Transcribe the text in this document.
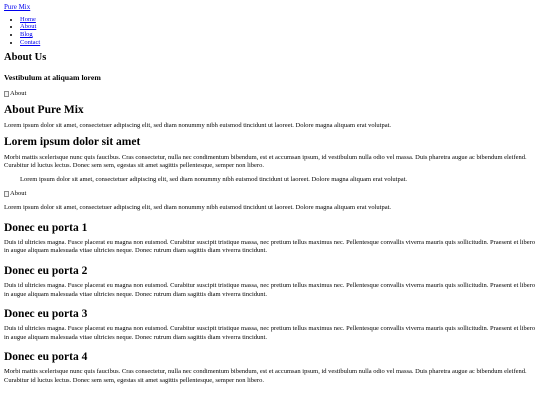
Pure Mix
• Home
• About
• Blog
• Contact
About Us
Vestibulum at aliquam lorem
About
About Pure Mix

Lorem ipsum dolor sit amet, consectetuer adipiscing elit, sed diam nonummy nibh euismod tincidunt ut laoreet. Dolore magna aliquam erat volutpat.

Lorem ipsum dolor sit amet

Morbi mattis scelerisque nunc quis faucibus. Cras consectetur, nulla nec condimentum bibendum, est et accumsan ipsum, id vestibulum nulla odio vel massa. Duis pharetra augue ac bibendum eleifend. Curabitur id luctus lectus. Donec sem sem, egestas sit amet sagittis pellentesque, semper non libero.

Lorem ipsum dolor sit amet, consectetuer adipiscing elit, sed diam nonummy nibh euismod tincidunt ut laoreet. Dolore magna aliquam erat volutpat.

About

Lorem ipsum dolor sit amet, consectetuer adipiscing elit, sed diam nonummy nibh euismod tincidunt ut laoreet. Dolore magna aliquam erat volutpat.

Donec eu porta 1

Duis id ultricies magna. Fusce placerat eu magna non euismod. Curabitur suscipit tristique massa, nec pretium tellus maximus nec. Pellentesque convallis viverra mauris quis sollicitudin. Praesent et libero in augue aliquam malesuada vitae ultricies neque. Donec rutrum diam sagittis diam viverra tincidunt.

Donec eu porta 2

Duis id ultricies magna. Fusce placerat eu magna non euismod. Curabitur suscipit tristique massa, nec pretium tellus maximus nec. Pellentesque convallis viverra mauris quis sollicitudin. Praesent et libero in augue aliquam malesuada vitae ultricies neque. Donec rutrum diam sagittis diam viverra tincidunt.

Donec eu porta 3

Duis id ultricies magna. Fusce placerat eu magna non euismod. Curabitur suscipit tristique massa, nec pretium tellus maximus nec. Pellentesque convallis viverra mauris quis sollicitudin. Praesent et libero in augue aliquam malesuada vitae ultricies neque. Donec rutrum diam sagittis diam viverra tincidunt.

Donec eu porta 4

Morbi mattis scelerisque nunc quis faucibus. Cras consectetur, nulla nec condimentum bibendum, est et accumsan ipsum, id vestibulum nulla odio vel massa. Duis pharetra augue ac bibendum eleifend. Curabitur id luctus lectus. Donec sem sem, egestas sit amet sagittis pellentesque, semper non libero.
